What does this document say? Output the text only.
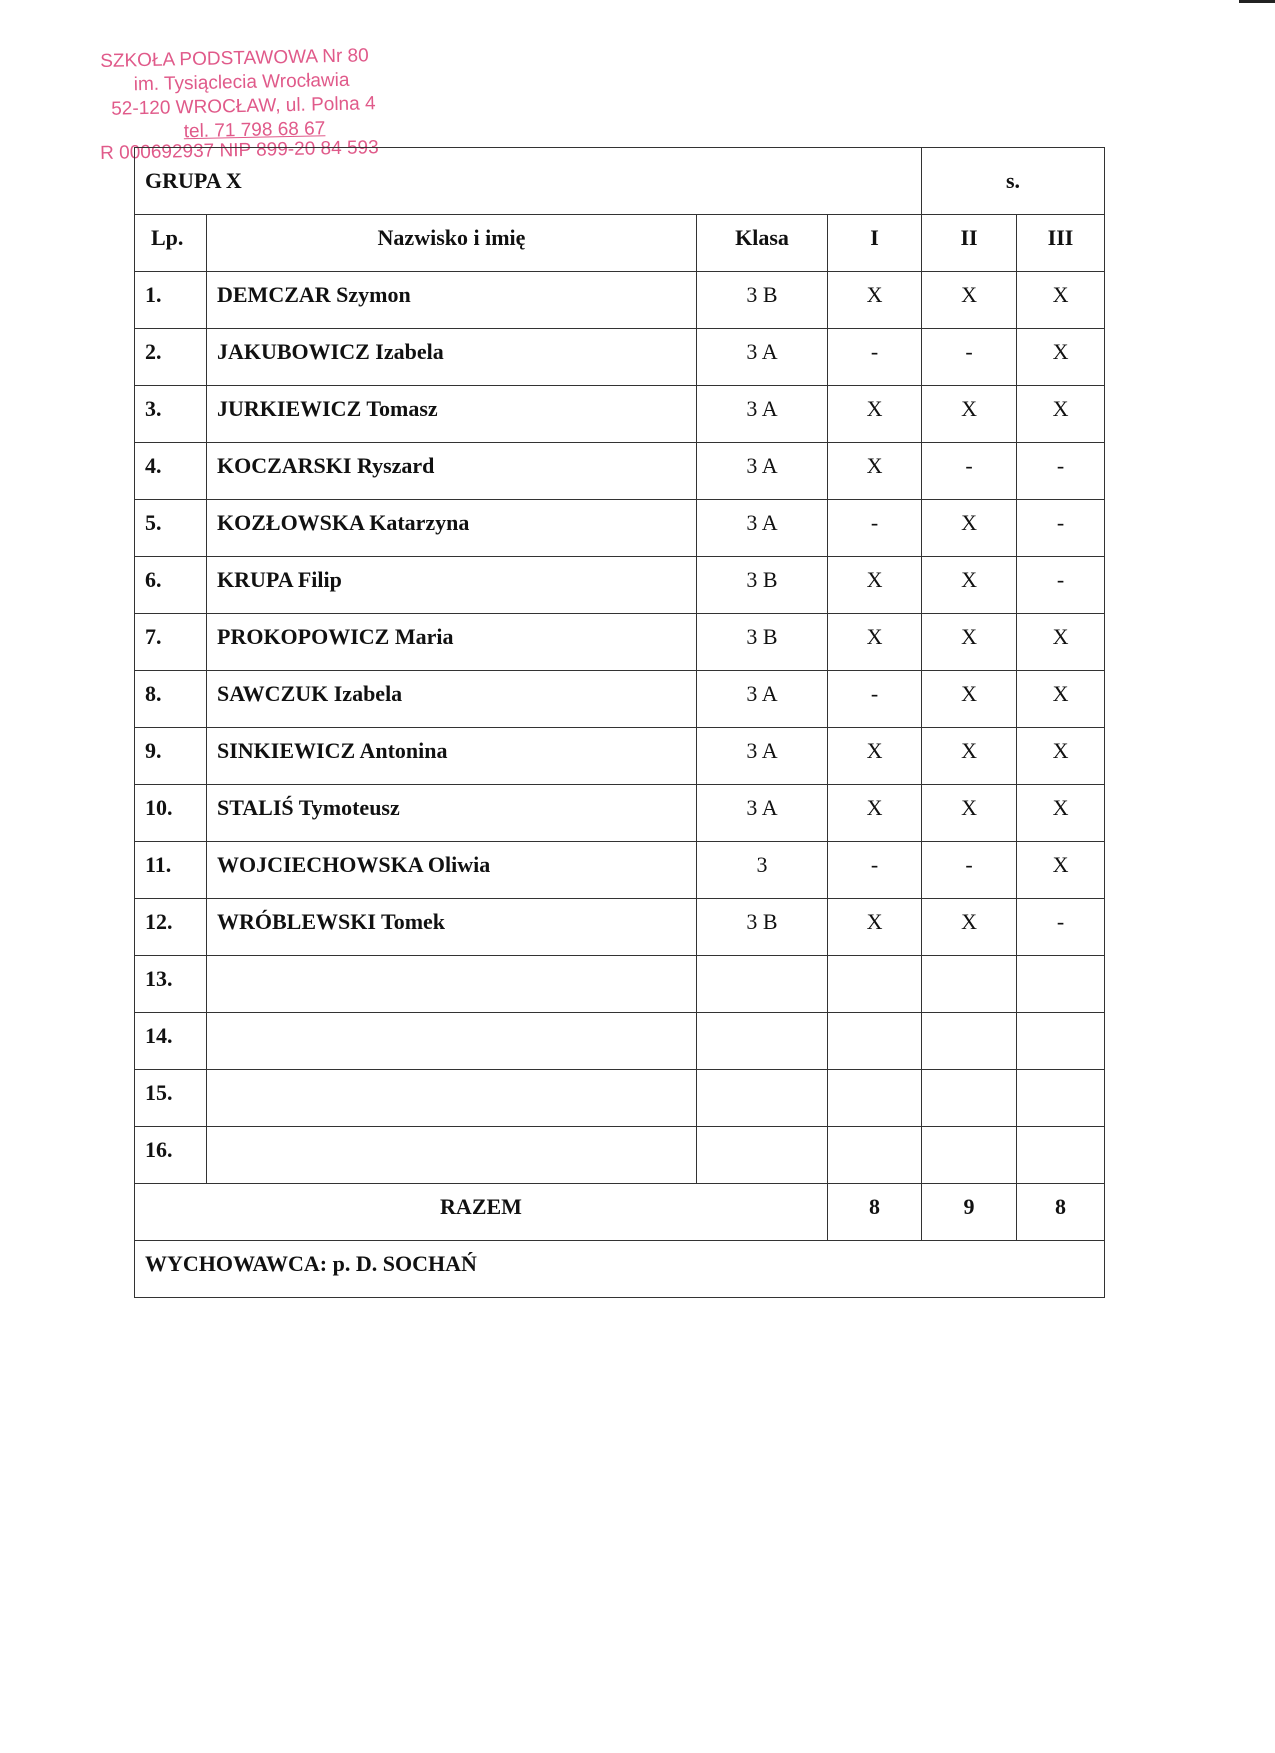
SZKOŁA PODSTAWOWA Nr 80
im. Tysiąclecia Wrocławia
52-120 WROCŁAW, ul. Polna 4
tel. 71 798 68 67
R 000692937 NIP 899-20 84 593
GRUPA X				s.	
Lp.	Nazwisko i imię	Klasa	I	II	III
1.	DEMCZAR Szymon	3 B	X	X	X
2.	JAKUBOWICZ Izabela	3 A	-	-	X
3.	JURKIEWICZ Tomasz	3 A	X	X	X
4.	KOCZARSKI Ryszard	3 A	X	-	-
5.	KOZŁOWSKA Katarzyna	3 A	-	X	-
6.	KRUPA Filip	3 B	X	X	-
7.	PROKOPOWICZ Maria	3 B	X	X	X
8.	SAWCZUK Izabela	3 A	-	X	X
9.	SINKIEWICZ Antonina	3 A	X	X	X
10.	STALIŚ Tymoteusz	3 A	X	X	X
11.	WOJCIECHOWSKA Oliwia	3	-	-	X
12.	WRÓBLEWSKI Tomek	3 B	X	X	-
13.					
14.					
15.					
16.					
RAZEM			8	9	8
WYCHOWAWCA: p. D. SOCHAŃ					
